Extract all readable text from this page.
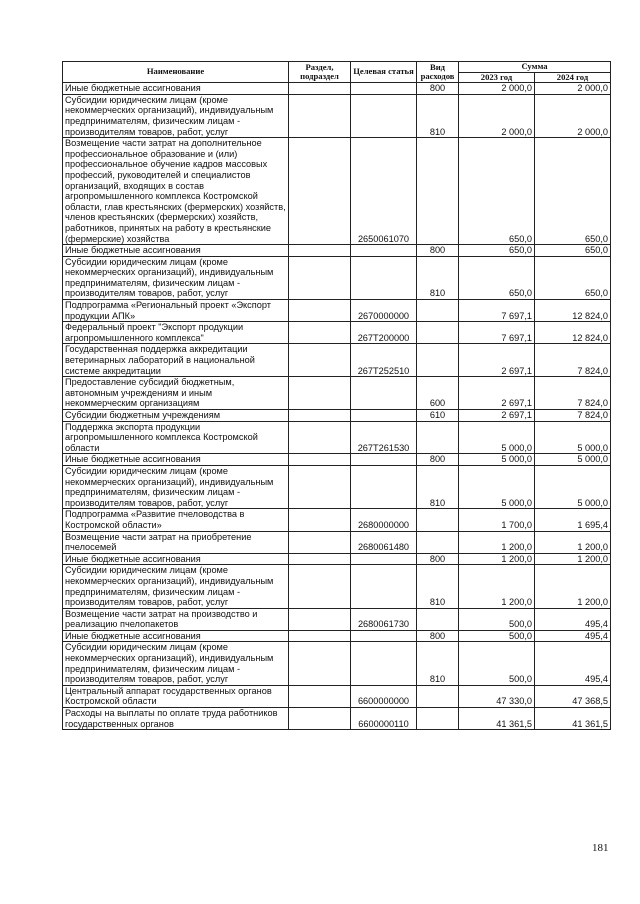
Наименование	Раздел, подраздел	Целевая статья	Вид расходов	Сумма	
				2023 год	2024 год
Иные бюджетные ассигнования			800	2 000,0	2 000,0
Субсидии юридическим лицам (кроме некоммерческих организаций), индивидуальным предпринимателям, физическим лицам - производителям товаров, работ, услуг			810	2 000,0	2 000,0
Возмещение части затрат на дополнительное профессиональное образование и (или) профессиональное обучение кадров массовых профессий, руководителей и специалистов организаций, входящих в состав агропромышленного комплекса Костромской области, глав крестьянских (фермерских) хозяйств, членов крестьянских (фермерских) хозяйств, работников, принятых на работу в крестьянские (фермерские) хозяйства		2650061070		650,0	650,0
Иные бюджетные ассигнования			800	650,0	650,0
Субсидии юридическим лицам (кроме некоммерческих организаций), индивидуальным предпринимателям, физическим лицам - производителям товаров, работ, услуг			810	650,0	650,0
Подпрограмма «Региональный проект «Экспорт продукции АПК»		2670000000		7 697,1	12 824,0
Федеральный проект "Экспорт продукции агропромышленного комплекса"		267T200000		7 697,1	12 824,0
Государственная поддержка аккредитации ветеринарных лабораторий в национальной системе аккредитации		267T252510		2 697,1	7 824,0
Предоставление субсидий бюджетным, автономным учреждениям и иным некоммерческим организациям			600	2 697,1	7 824,0
Субсидии бюджетным учреждениям			610	2 697,1	7 824,0
Поддержка экспорта продукции агропромышленного комплекса Костромской области		267T261530		5 000,0	5 000,0
Иные бюджетные ассигнования			800	5 000,0	5 000,0
Субсидии юридическим лицам (кроме некоммерческих организаций), индивидуальным предпринимателям, физическим лицам - производителям товаров, работ, услуг			810	5 000,0	5 000,0
Подпрограмма «Развитие пчеловодства в Костромской области»		2680000000		1 700,0	1 695,4
Возмещение части затрат на приобретение пчелосемей		2680061480		1 200,0	1 200,0
Иные бюджетные ассигнования			800	1 200,0	1 200,0
Субсидии юридическим лицам (кроме некоммерческих организаций), индивидуальным предпринимателям, физическим лицам - производителям товаров, работ, услуг			810	1 200,0	1 200,0
Возмещение части затрат на производство и реализацию пчелопакетов		2680061730		500,0	495,4
Иные бюджетные ассигнования			800	500,0	495,4
Субсидии юридическим лицам (кроме некоммерческих организаций), индивидуальным предпринимателям, физическим лицам - производителям товаров, работ, услуг			810	500,0	495,4
Центральный аппарат государственных органов Костромской области		6600000000		47 330,0	47 368,5
Расходы на выплаты по оплате труда работников государственных органов		6600000110		41 361,5	41 361,5
181
